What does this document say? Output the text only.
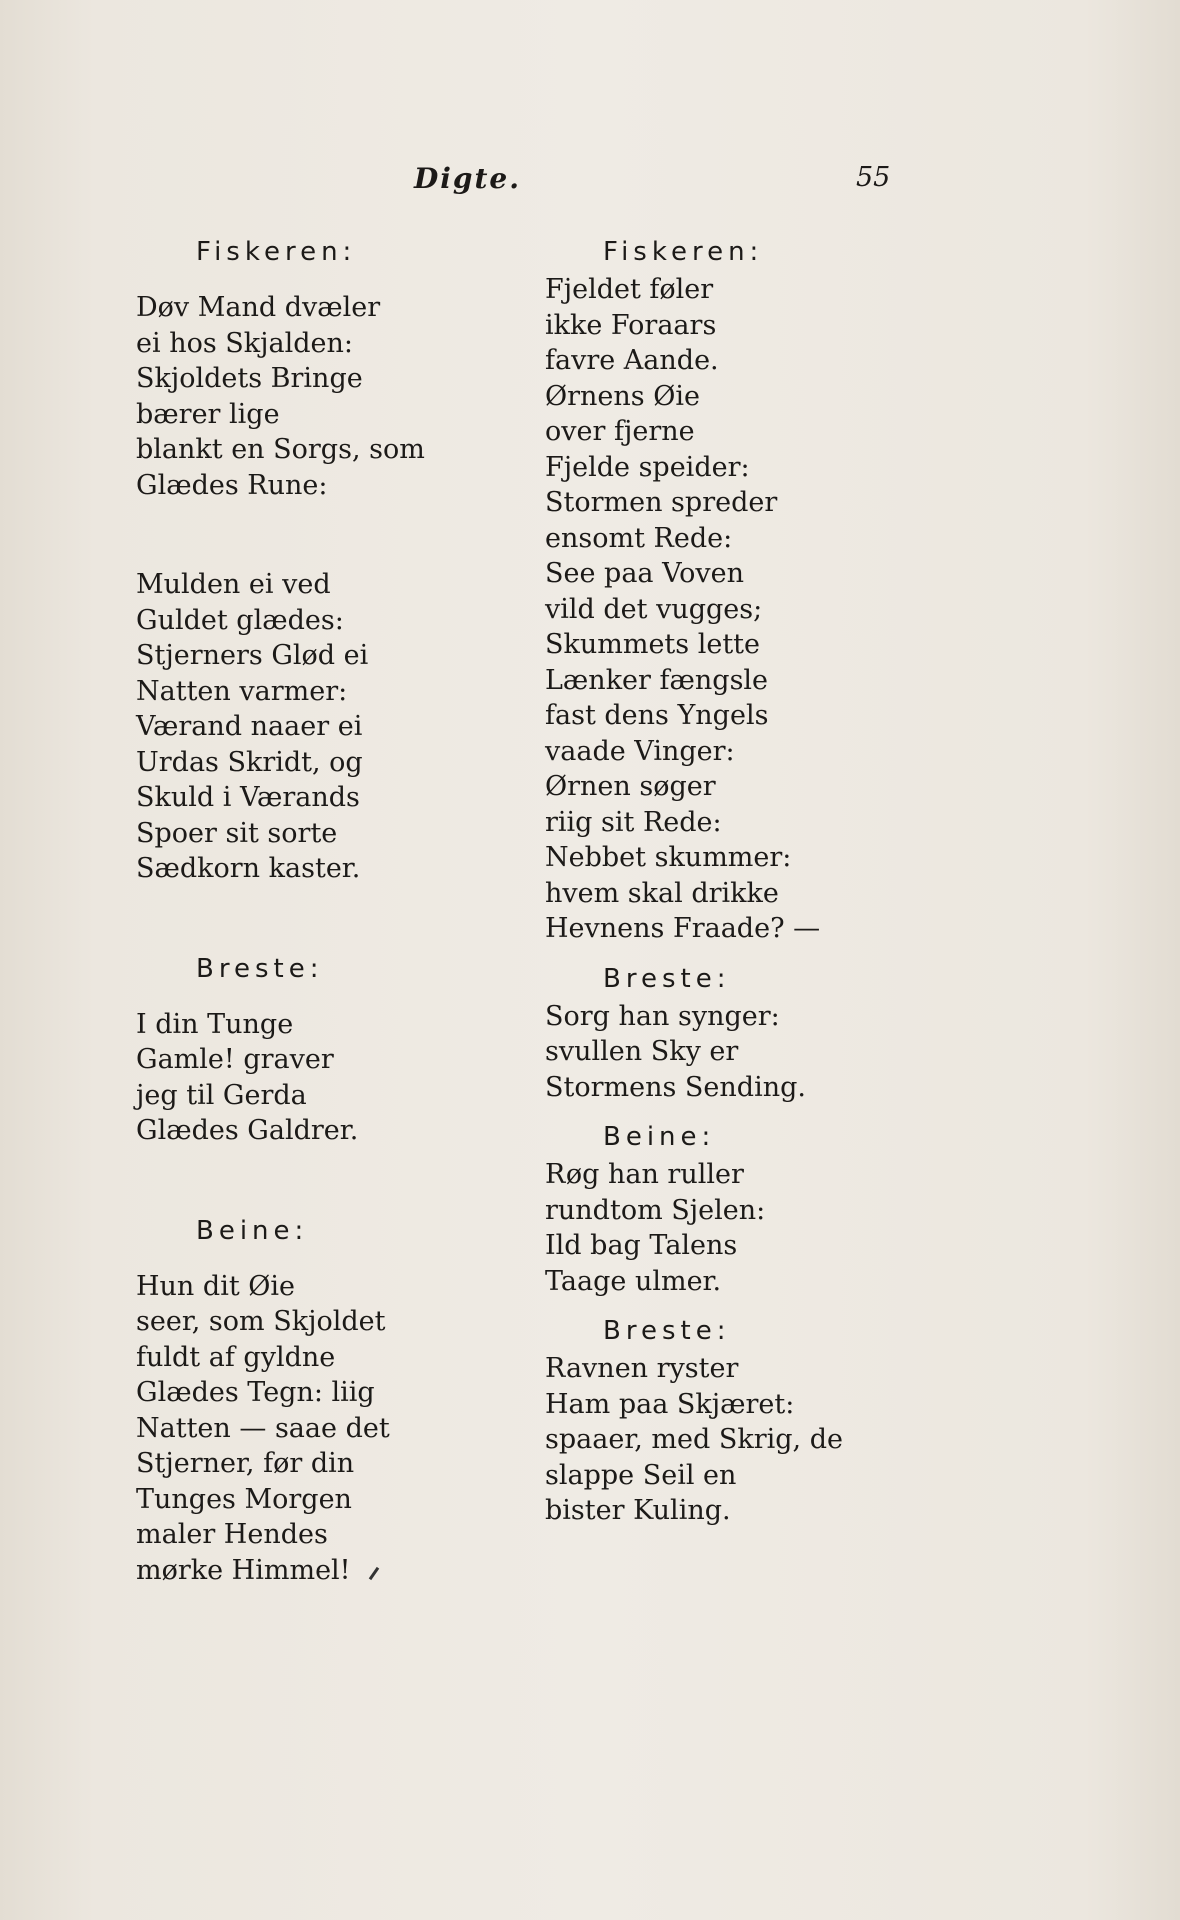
Digte.	55
Fiskeren:
Døv Mand dvæler
ei hos Skjalden:
Skjoldets Bringe
bærer lige
blankt en Sorgs, som
Glædes Rune:
Mulden ei ved
Guldet glædes:
Stjerners Glød ei
Natten varmer:
Værand naaer ei
Urdas Skridt, og
Skuld i Værands
Spoer sit sorte
Sædkorn kaster.
Breste:
I din Tunge
Gamle! graver
jeg til Gerda
Glædes Galdrer.
Beine:
Hun dit Øie
seer, som Skjoldet
fuldt af gyldne
Glædes Tegn: liig
Natten — saae det
Stjerner, før din
Tunges Morgen
maler Hendes
mørke Himmel!
Fiskeren:
Fjeldet føler
ikke Foraars
favre Aande.
Ørnens Øie
over fjerne
Fjelde speider:
Stormen spreder
ensomt Rede:
See paa Voven
vild det vugges;
Skummets lette
Lænker fængsle
fast dens Yngels
vaade Vinger:
Ørnen søger
riig sit Rede:
Nebbet skummer:
hvem skal drikke
Hevnens Fraade? —
Breste:
Sorg han synger:
svullen Sky er
Stormens Sending.
Beine:
Røg han ruller
rundtom Sjelen:
Ild bag Talens
Taage ulmer.
Breste:
Ravnen ryster
Ham paa Skjæret:
spaaer, med Skrig, de
slappe Seil en
bister Kuling.
